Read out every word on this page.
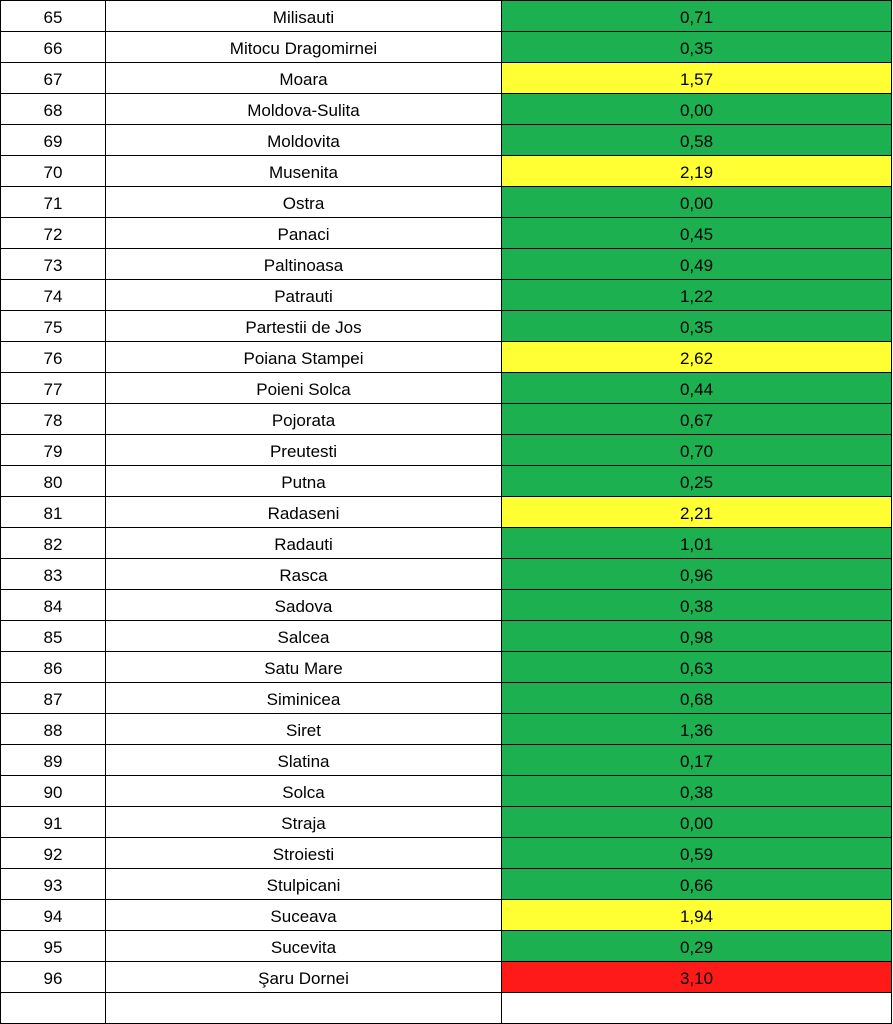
65	Milisauti	0,71
66	Mitocu Dragomirnei	0,35
67	Moara	1,57
68	Moldova-Sulita	0,00
69	Moldovita	0,58
70	Musenita	2,19
71	Ostra	0,00
72	Panaci	0,45
73	Paltinoasa	0,49
74	Patrauti	1,22
75	Partestii de Jos	0,35
76	Poiana Stampei	2,62
77	Poieni Solca	0,44
78	Pojorata	0,67
79	Preutesti	0,70
80	Putna	0,25
81	Radaseni	2,21
82	Radauti	1,01
83	Rasca	0,96
84	Sadova	0,38
85	Salcea	0,98
86	Satu Mare	0,63
87	Siminicea	0,68
88	Siret	1,36
89	Slatina	0,17
90	Solca	0,38
91	Straja	0,00
92	Stroiesti	0,59
93	Stulpicani	0,66
94	Suceava	1,94
95	Sucevita	0,29
96	Şaru Dornei	3,10
